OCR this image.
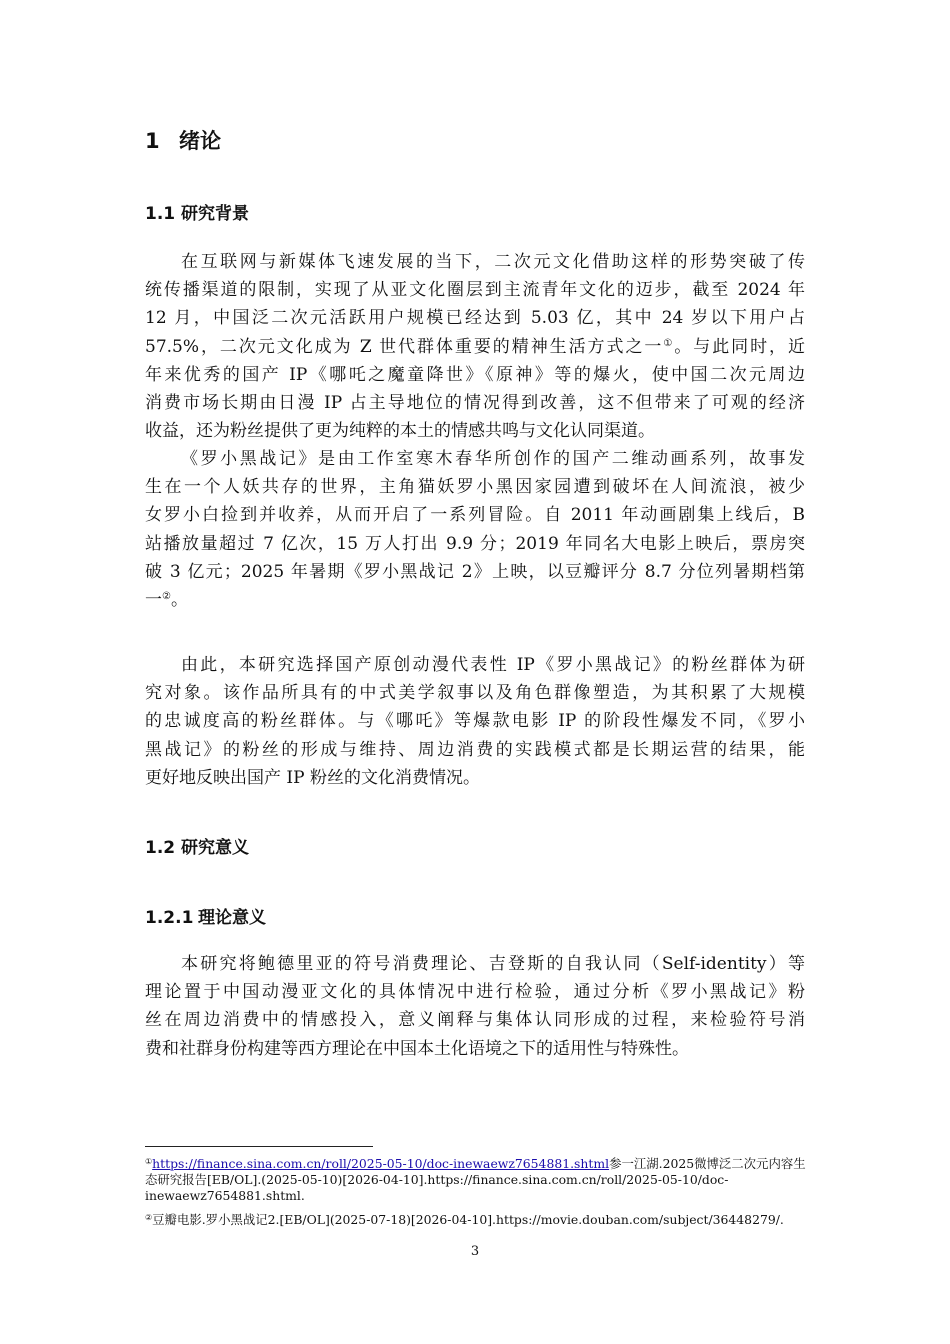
1 绪论
1.1 研究背景
在互联网与新媒体飞速发展的当下，二次元文化借助这样的形势突破了传
统传播渠道的限制，实现了从亚文化圈层到主流青年文化的迈步，截至 2024 年
12 月，中国泛二次元活跃用户规模已经达到 5.03 亿，其中 24 岁以下用户占
57.5%，二次元文化成为 Z 世代群体重要的精神生活方式之一①。与此同时，近
年来优秀的国产 IP《哪吒之魔童降世》《原神》等的爆火，使中国二次元周边
消费市场长期由日漫 IP 占主导地位的情况得到改善，这不但带来了可观的经济
收益，还为粉丝提供了更为纯粹的本土的情感共鸣与文化认同渠道。
《罗小黑战记》是由工作室寒木春华所创作的国产二维动画系列，故事发
生在一个人妖共存的世界，主角猫妖罗小黑因家园遭到破坏在人间流浪，被少
女罗小白捡到并收养，从而开启了一系列冒险。自 2011 年动画剧集上线后，B
站播放量超过 7 亿次，15 万人打出 9.9 分；2019 年同名大电影上映后，票房突
破 3 亿元；2025 年暑期《罗小黑战记 2》上映，以豆瓣评分 8.7 分位列暑期档第
一②。
由此，本研究选择国产原创动漫代表性 IP《罗小黑战记》的粉丝群体为研
究对象。该作品所具有的中式美学叙事以及角色群像塑造，为其积累了大规模
的忠诚度高的粉丝群体。与《哪吒》等爆款电影 IP 的阶段性爆发不同，《罗小
黑战记》的粉丝的形成与维持、周边消费的实践模式都是长期运营的结果，能
更好地反映出国产 IP 粉丝的文化消费情况。
1.2 研究意义
1.2.1 理论意义
本研究将鲍德里亚的符号消费理论、吉登斯的自我认同（Self-identity）等
理论置于中国动漫亚文化的具体情况中进行检验，通过分析《罗小黑战记》粉
丝在周边消费中的情感投入，意义阐释与集体认同形成的过程，来检验符号消
费和社群身份构建等西方理论在中国本土化语境之下的适用性与特殊性。
①https://finance.sina.com.cn/roll/2025-05-10/doc-inewaewz7654881.shtml参一江湖.2025微博泛二次元内容生
态研究报告[EB/OL].(2025-05-10)[2026-04-10].https://finance.sina.com.cn/roll/2025-05-10/doc-
inewaewz7654881.shtml.
②豆瓣电影.罗小黑战记2.[EB/OL](2025-07-18)[2026-04-10].https://movie.douban.com/subject/36448279/.
3
